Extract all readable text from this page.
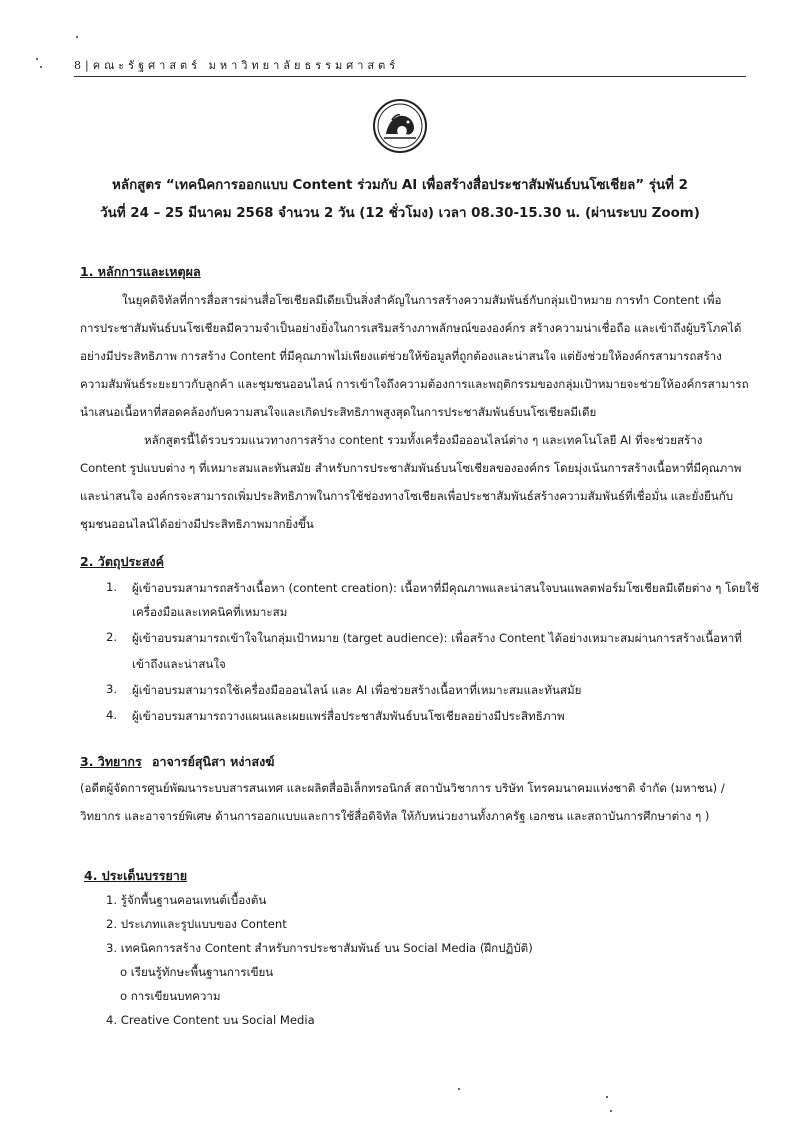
8|คณะรัฐศาสตร์ มหาวิทยาลัยธรรมศาสตร์
หลักสูตร “เทคนิคการออกแบบ Content ร่วมกับ AI เพื่อสร้างสื่อประชาสัมพันธ์บนโซเชียล” รุ่นที่ 2
วันที่ 24 – 25 มีนาคม 2568 จำนวน 2 วัน (12 ชั่วโมง) เวลา 08.30-15.30 น. (ผ่านระบบ Zoom)
1. หลักการและเหตุผล
ในยุคดิจิทัลที่การสื่อสารผ่านสื่อโซเชียลมีเดียเป็นสิ่งสำคัญในการสร้างความสัมพันธ์กับกลุ่มเป้าหมาย การทำ Content เพื่อ
การประชาสัมพันธ์บนโซเชียลมีความจำเป็นอย่างยิ่งในการเสริมสร้างภาพลักษณ์ขององค์กร สร้างความน่าเชื่อถือ และเข้าถึงผู้บริโภคได้
อย่างมีประสิทธิภาพ การสร้าง Content ที่มีคุณภาพไม่เพียงแต่ช่วยให้ข้อมูลที่ถูกต้องและน่าสนใจ แต่ยังช่วยให้องค์กรสามารถสร้าง
ความสัมพันธ์ระยะยาวกับลูกค้า และชุมชนออนไลน์ การเข้าใจถึงความต้องการและพฤติกรรมของกลุ่มเป้าหมายจะช่วยให้องค์กรสามารถ
นำเสนอเนื้อหาที่สอดคล้องกับความสนใจและเกิดประสิทธิภาพสูงสุดในการประชาสัมพันธ์บนโซเชียลมีเดีย
หลักสูตรนี้ได้รวบรวมแนวทางการสร้าง content รวมทั้งเครื่องมือออนไลน์ต่าง ๆ และเทคโนโลยี AI ที่จะช่วยสร้าง
Content รูปแบบต่าง ๆ ที่เหมาะสมและทันสมัย สำหรับการประชาสัมพันธ์บนโซเชียลขององค์กร โดยมุ่งเน้นการสร้างเนื้อหาที่มีคุณภาพ
และน่าสนใจ องค์กรจะสามารถเพิ่มประสิทธิภาพในการใช้ช่องทางโซเชียลเพื่อประชาสัมพันธ์สร้างความสัมพันธ์ที่เชื่อมั่น และยั่งยืนกับ
ชุมชนออนไลน์ได้อย่างมีประสิทธิภาพมากยิ่งขึ้น
2. วัตถุประสงค์
1. ผู้เข้าอบรมสามารถสร้างเนื้อหา (content creation): เนื้อหาที่มีคุณภาพและน่าสนใจบนแพลตฟอร์มโซเชียลมีเดียต่าง ๆ โดยใช้
เครื่องมือและเทคนิคที่เหมาะสม
2. ผู้เข้าอบรมสามารถเข้าใจในกลุ่มเป้าหมาย (target audience): เพื่อสร้าง Content ได้อย่างเหมาะสมผ่านการสร้างเนื้อหาที่
เข้าถึงและน่าสนใจ
3. ผู้เข้าอบรมสามารถใช้เครื่องมือออนไลน์ และ AI เพื่อช่วยสร้างเนื้อหาที่เหมาะสมและทันสมัย
4. ผู้เข้าอบรมสามารถวางแผนและเผยแพร่สื่อประชาสัมพันธ์บนโซเชียลอย่างมีประสิทธิภาพ
3. วิทยากร อาจารย์สุนิสา หง่าสงฆ์
(อดีตผู้จัดการศูนย์พัฒนาระบบสารสนเทศ และผลิตสื่ออิเล็กทรอนิกส์ สถาบันวิชาการ บริษัท โทรคมนาคมแห่งชาติ จำกัด (มหาชน) /
วิทยากร และอาจารย์พิเศษ ด้านการออกแบบและการใช้สื่อดิจิทัล ให้กับหน่วยงานทั้งภาครัฐ เอกชน และสถาบันการศึกษาต่าง ๆ )
4. ประเด็นบรรยาย
1. รู้จักพื้นฐานคอนเทนต์เบื้องต้น
2. ประเภทและรูปแบบของ Content
3. เทคนิคการสร้าง Content สำหรับการประชาสัมพันธ์ บน Social Media (ฝึกปฏิบัติ)
o เรียนรู้ทักษะพื้นฐานการเขียน
o การเขียนบทความ
4. Creative Content บน Social Media
